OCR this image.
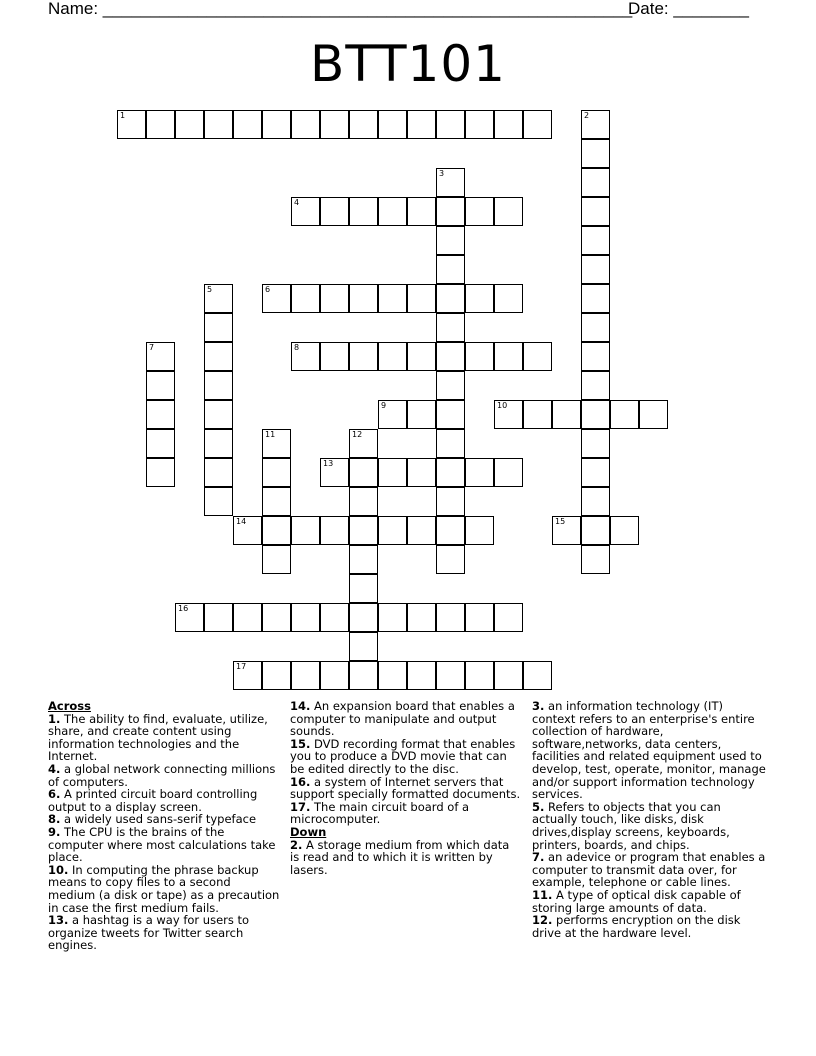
Name: ________________________________________________________
Date: ________
BTT101
1	2
3
4
5	6
7	8
9	10
11	12
13
14	15
16
17

Across

1. The ability to find, evaluate, utilize, share, and create content using information technologies and the Internet.

4. a global network connecting millions of computers.

6. A printed circuit board controlling output to a display screen.

8. a widely used sans-serif typeface

9. The CPU is the brains of the computer where most calculations take place.

10. In computing the phrase backup means to copy files to a second medium (a disk or tape) as a precaution in case the first medium fails.

13. a hashtag is a way for users to organize tweets for Twitter search engines.

14. An expansion board that enables a computer to manipulate and output sounds.

15. DVD recording format that enables you to produce a DVD movie that can be edited directly to the disc.

16. a system of Internet servers that support specially formatted documents.

17. The main circuit board of a microcomputer.

Down

2. A storage medium from which data is read and to which it is written by lasers.

3. an information technology (IT) context refers to an enterprise's entire collection of hardware, software,networks, data centers, facilities and related equipment used to develop, test, operate, monitor, manage and/or support information technology services.

5. Refers to objects that you can actually touch, like disks, disk drives,display screens, keyboards, printers, boards, and chips.

7. an adevice or program that enables a computer to transmit data over, for example, telephone or cable lines.

11. A type of optical disk capable of storing large amounts of data.

12. performs encryption on the disk drive at the hardware level.
